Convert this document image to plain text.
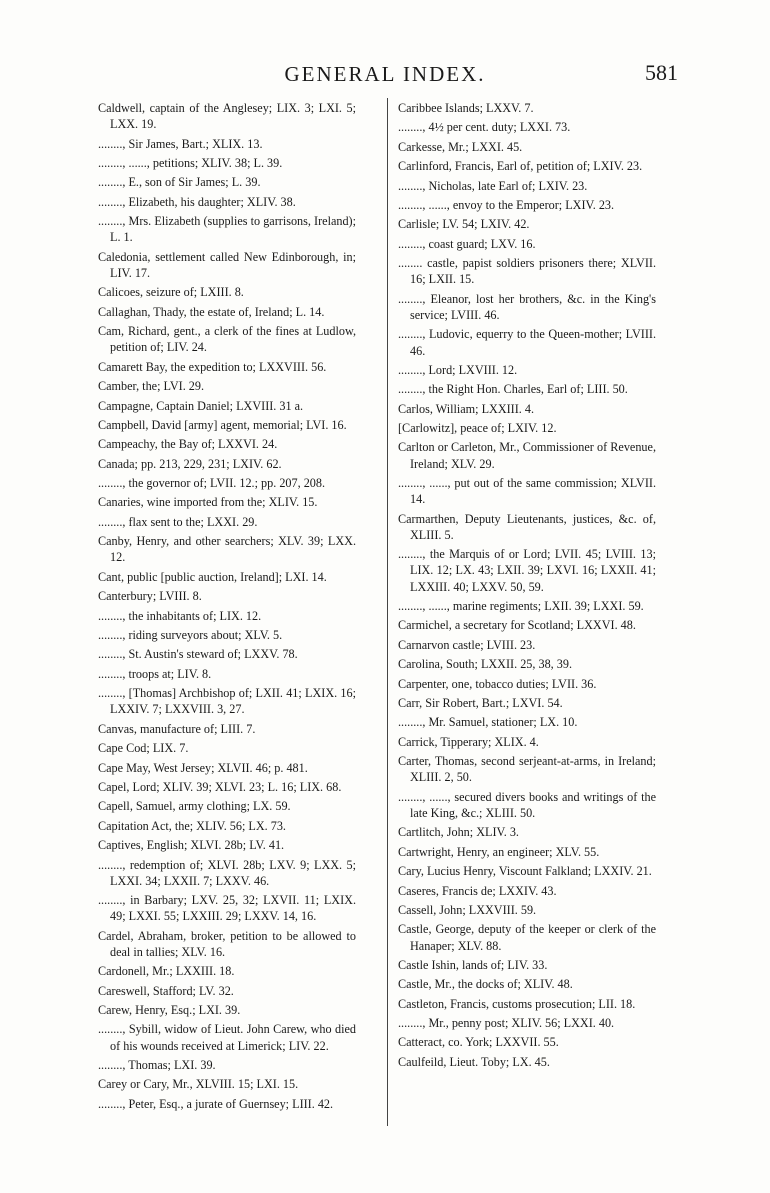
GENERAL INDEX.	581

Caldwell, captain of the Anglesey; LIX. 3; LXI. 5; LXX. 19.

........, Sir James, Bart.; XLIX. 13.

........, ......, petitions; XLIV. 38; L. 39.

........, E., son of Sir James; L. 39.

........, Elizabeth, his daughter; XLIV. 38.

........, Mrs. Elizabeth (supplies to garrisons, Ireland); L. 1.

Caledonia, settlement called New Edinborough, in; LIV. 17.

Calicoes, seizure of; LXIII. 8.

Callaghan, Thady, the estate of, Ireland; L. 14.

Cam, Richard, gent., a clerk of the fines at Ludlow, petition of; LIV. 24.

Camarett Bay, the expedition to; LXXVIII. 56.

Camber, the; LVI. 29.

Campagne, Captain Daniel; LXVIII. 31 a.

Campbell, David [army] agent, memorial; LVI. 16.

Campeachy, the Bay of; LXXVI. 24.

Canada; pp. 213, 229, 231; LXIV. 62.

........, the governor of; LVII. 12.; pp. 207, 208.

Canaries, wine imported from the; XLIV. 15.

........, flax sent to the; LXXI. 29.

Canby, Henry, and other searchers; XLV. 39; LXX. 12.

Cant, public [public auction, Ireland]; LXI. 14.

Canterbury; LVIII. 8.

........, the inhabitants of; LIX. 12.

........, riding surveyors about; XLV. 5.

........, St. Austin's steward of; LXXV. 78.

........, troops at; LIV. 8.

........, [Thomas] Archbishop of; LXII. 41; LXIX. 16; LXXIV. 7; LXXVIII. 3, 27.

Canvas, manufacture of; LIII. 7.

Cape Cod; LIX. 7.

Cape May, West Jersey; XLVII. 46; p. 481.

Capel, Lord; XLIV. 39; XLVI. 23; L. 16; LIX. 68.

Capell, Samuel, army clothing; LX. 59.

Capitation Act, the; XLIV. 56; LX. 73.

Captives, English; XLVI. 28b; LV. 41.

........, redemption of; XLVI. 28b; LXV. 9; LXX. 5; LXXI. 34; LXXII. 7; LXXV. 46.

........, in Barbary; LXV. 25, 32; LXVII. 11; LXIX. 49; LXXI. 55; LXXIII. 29; LXXV. 14, 16.

Cardel, Abraham, broker, petition to be allowed to deal in tallies; XLV. 16.

Cardonell, Mr.; LXXIII. 18.

Careswell, Stafford; LV. 32.

Carew, Henry, Esq.; LXI. 39.

........, Sybill, widow of Lieut. John Carew, who died of his wounds received at Limerick; LIV. 22.

........, Thomas; LXI. 39.

Carey or Cary, Mr., XLVIII. 15; LXI. 15.

........, Peter, Esq., a jurate of Guernsey; LIII. 42.

Caribbee Islands; LXXV. 7.

........, 4½ per cent. duty; LXXI. 73.

Carkesse, Mr.; LXXI. 45.

Carlinford, Francis, Earl of, petition of; LXIV. 23.

........, Nicholas, late Earl of; LXIV. 23.

........, ......, envoy to the Emperor; LXIV. 23.

Carlisle; LV. 54; LXIV. 42.

........, coast guard; LXV. 16.

........ castle, papist soldiers prisoners there; XLVII. 16; LXII. 15.

........, Eleanor, lost her brothers, &c. in the King's service; LVIII. 46.

........, Ludovic, equerry to the Queen-mother; LVIII. 46.

........, Lord; LXVIII. 12.

........, the Right Hon. Charles, Earl of; LIII. 50.

Carlos, William; LXXIII. 4.

[Carlowitz], peace of; LXIV. 12.

Carlton or Carleton, Mr., Commissioner of Revenue, Ireland; XLV. 29.

........, ......, put out of the same commission; XLVII. 14.

Carmarthen, Deputy Lieutenants, justices, &c. of, XLIII. 5.

........, the Marquis of or Lord; LVII. 45; LVIII. 13; LIX. 12; LX. 43; LXII. 39; LXVI. 16; LXXII. 41; LXXIII. 40; LXXV. 50, 59.

........, ......, marine regiments; LXII. 39; LXXI. 59.

Carmichel, a secretary for Scotland; LXXVI. 48.

Carnarvon castle; LVIII. 23.

Carolina, South; LXXII. 25, 38, 39.

Carpenter, one, tobacco duties; LVII. 36.

Carr, Sir Robert, Bart.; LXVI. 54.

........, Mr. Samuel, stationer; LX. 10.

Carrick, Tipperary; XLIX. 4.

Carter, Thomas, second serjeant-at-arms, in Ireland; XLIII. 2, 50.

........, ......, secured divers books and writings of the late King, &c.; XLIII. 50.

Cartlitch, John; XLIV. 3.

Cartwright, Henry, an engineer; XLV. 55.

Cary, Lucius Henry, Viscount Falkland; LXXIV. 21.

Caseres, Francis de; LXXIV. 43.

Cassell, John; LXXVIII. 59.

Castle, George, deputy of the keeper or clerk of the Hanaper; XLV. 88.

Castle Ishin, lands of; LIV. 33.

Castle, Mr., the docks of; XLIV. 48.

Castleton, Francis, customs prosecution; LII. 18.

........, Mr., penny post; XLIV. 56; LXXI. 40.

Catteract, co. York; LXXVII. 55.

Caulfeild, Lieut. Toby; LX. 45.
